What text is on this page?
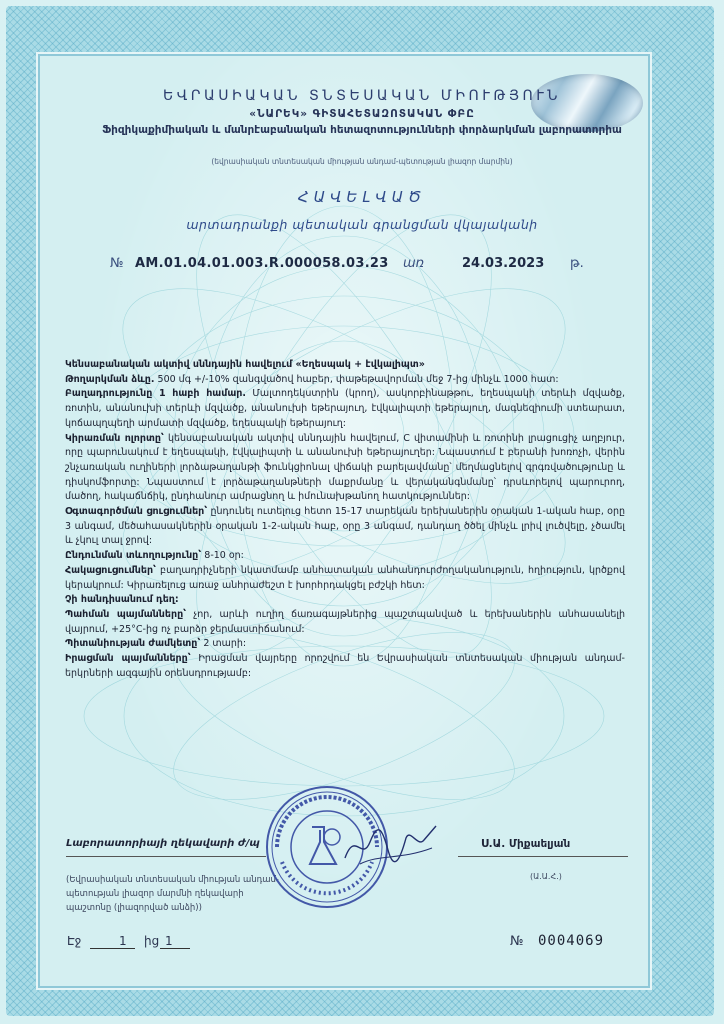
ԵՎՐԱՍԻԱԿԱՆ ՏՆՏԵՍԱԿԱՆ ՄԻՈՒԹՅՈՒՆ
«ՆԱՐԵԿ» ԳԻՏԱՀԵՏԱԶՈՏԱԿԱՆ ՓԲԸ
Ֆիզիկաքիմիական և մանրէաբանական հետազոտությունների փորձարկման լաբորատորիա
(եվրասիական տնտեսական միության անդամ-պետության լիազոր մարմին)
ՀԱՎԵԼՎԱԾ
արտադրանքի պետական գրանցման վկայականի
№ AM.01.04.01.003.R.000058.03.23 առ	24.03.2023 թ.

Կենսաբանական ակտիվ սննդային հավելում «Եղեսպակ + էվկալիպտ»

Թողարկման ձևը. 500 մգ +/-10% զանգվածով հաբեր, փաթեթավորման մեջ 7-ից մինչև 1000 հատ:

Բաղադրությունը 1 հաբի համար. Մալտոդեկստրին (կրող), ասկորբինաթթու, եղեսպակի տերևի մզվածք, ռոտին, անանուխի տերևի մզվածք, անանուխի եթերայուղ, էվկալիպտի եթերայուղ, մագնեզիումի ստեարատ, կոճապղպեղի արմատի մզվածք, եղեսպակի եթերայուղ:

Կիրառման ոլորտը՝ կենսաբանական ակտիվ սննդային հավելում, C վիտամինի և ռոտինի լրացուցիչ աղբյուր, որը պարունակում է եղեսպակի, էվկալիպտի և անանուխի եթերայուղեր: Նպաստում է բերանի խոռոչի, վերին շնչառական ուղիների լորձաթաղանթի ֆունկցիոնալ վիճակի բարելավմանը՝ մեղմացնելով գրգռվածությունը և դիսկոմֆորտը: Նպաստում է լորձաթաղանթների մաքրմանը և վերականգնմանը՝ դրսևորելով պարուրող, մածող, հակաճնճիկ, ընդհանուր ամրացնող և իմունախթանող հատկություններ:

Օգտագործման ցուցումներ՝ ընդունել ուտելուց հետո 15-17 տարեկան երեխաներին օրական 1-ական հաբ, օրը 3 անգամ, մեծահասակներին օրական 1-2-ական հաբ, օրը 3 անգամ, դանդաղ ծծել մինչև լրիվ լուծվելը, չծամել և չկուլ տալ ջրով:

Ընդունման տևողությունը՝ 8-10 օր:

Հակացուցումներ՝ բաղադրիչների նկատմամբ անհատական անհանդուրժողականություն, հղիություն, կրծքով կերակրում: Կիրառելուց առաջ անհրաժեշտ է խորհրդակցել բժշկի հետ:

Չի հանդիսանում դեղ:

Պահման պայմանները՝ չոր, արևի ուղիղ ճառագայթներից պաշտպանված և երեխաներին անհասանելի վայրում, +25°C-ից ոչ բարձր ջերմաստիճանում:

Պիտանիության ժամկետը՝ 2 տարի:

Իրացման պայմանները՝ Իրացման վայրերը որոշվում են Եվրասիական տնտեսական միության անդամ-երկրների ազգային օրենսդրությամբ:

Լաբորատորիայի ղեկավարի ժ/պ	Ս.Ա. Միքաելյան
(Եվրասիական տնտեսական միության անդամ-պետության լիազոր մարմնի ղեկավարի պաշտոնը (լիազորված անձի))
(Ա.Ա.Հ.)
Էջ	1 ից 1	№ 0004069
